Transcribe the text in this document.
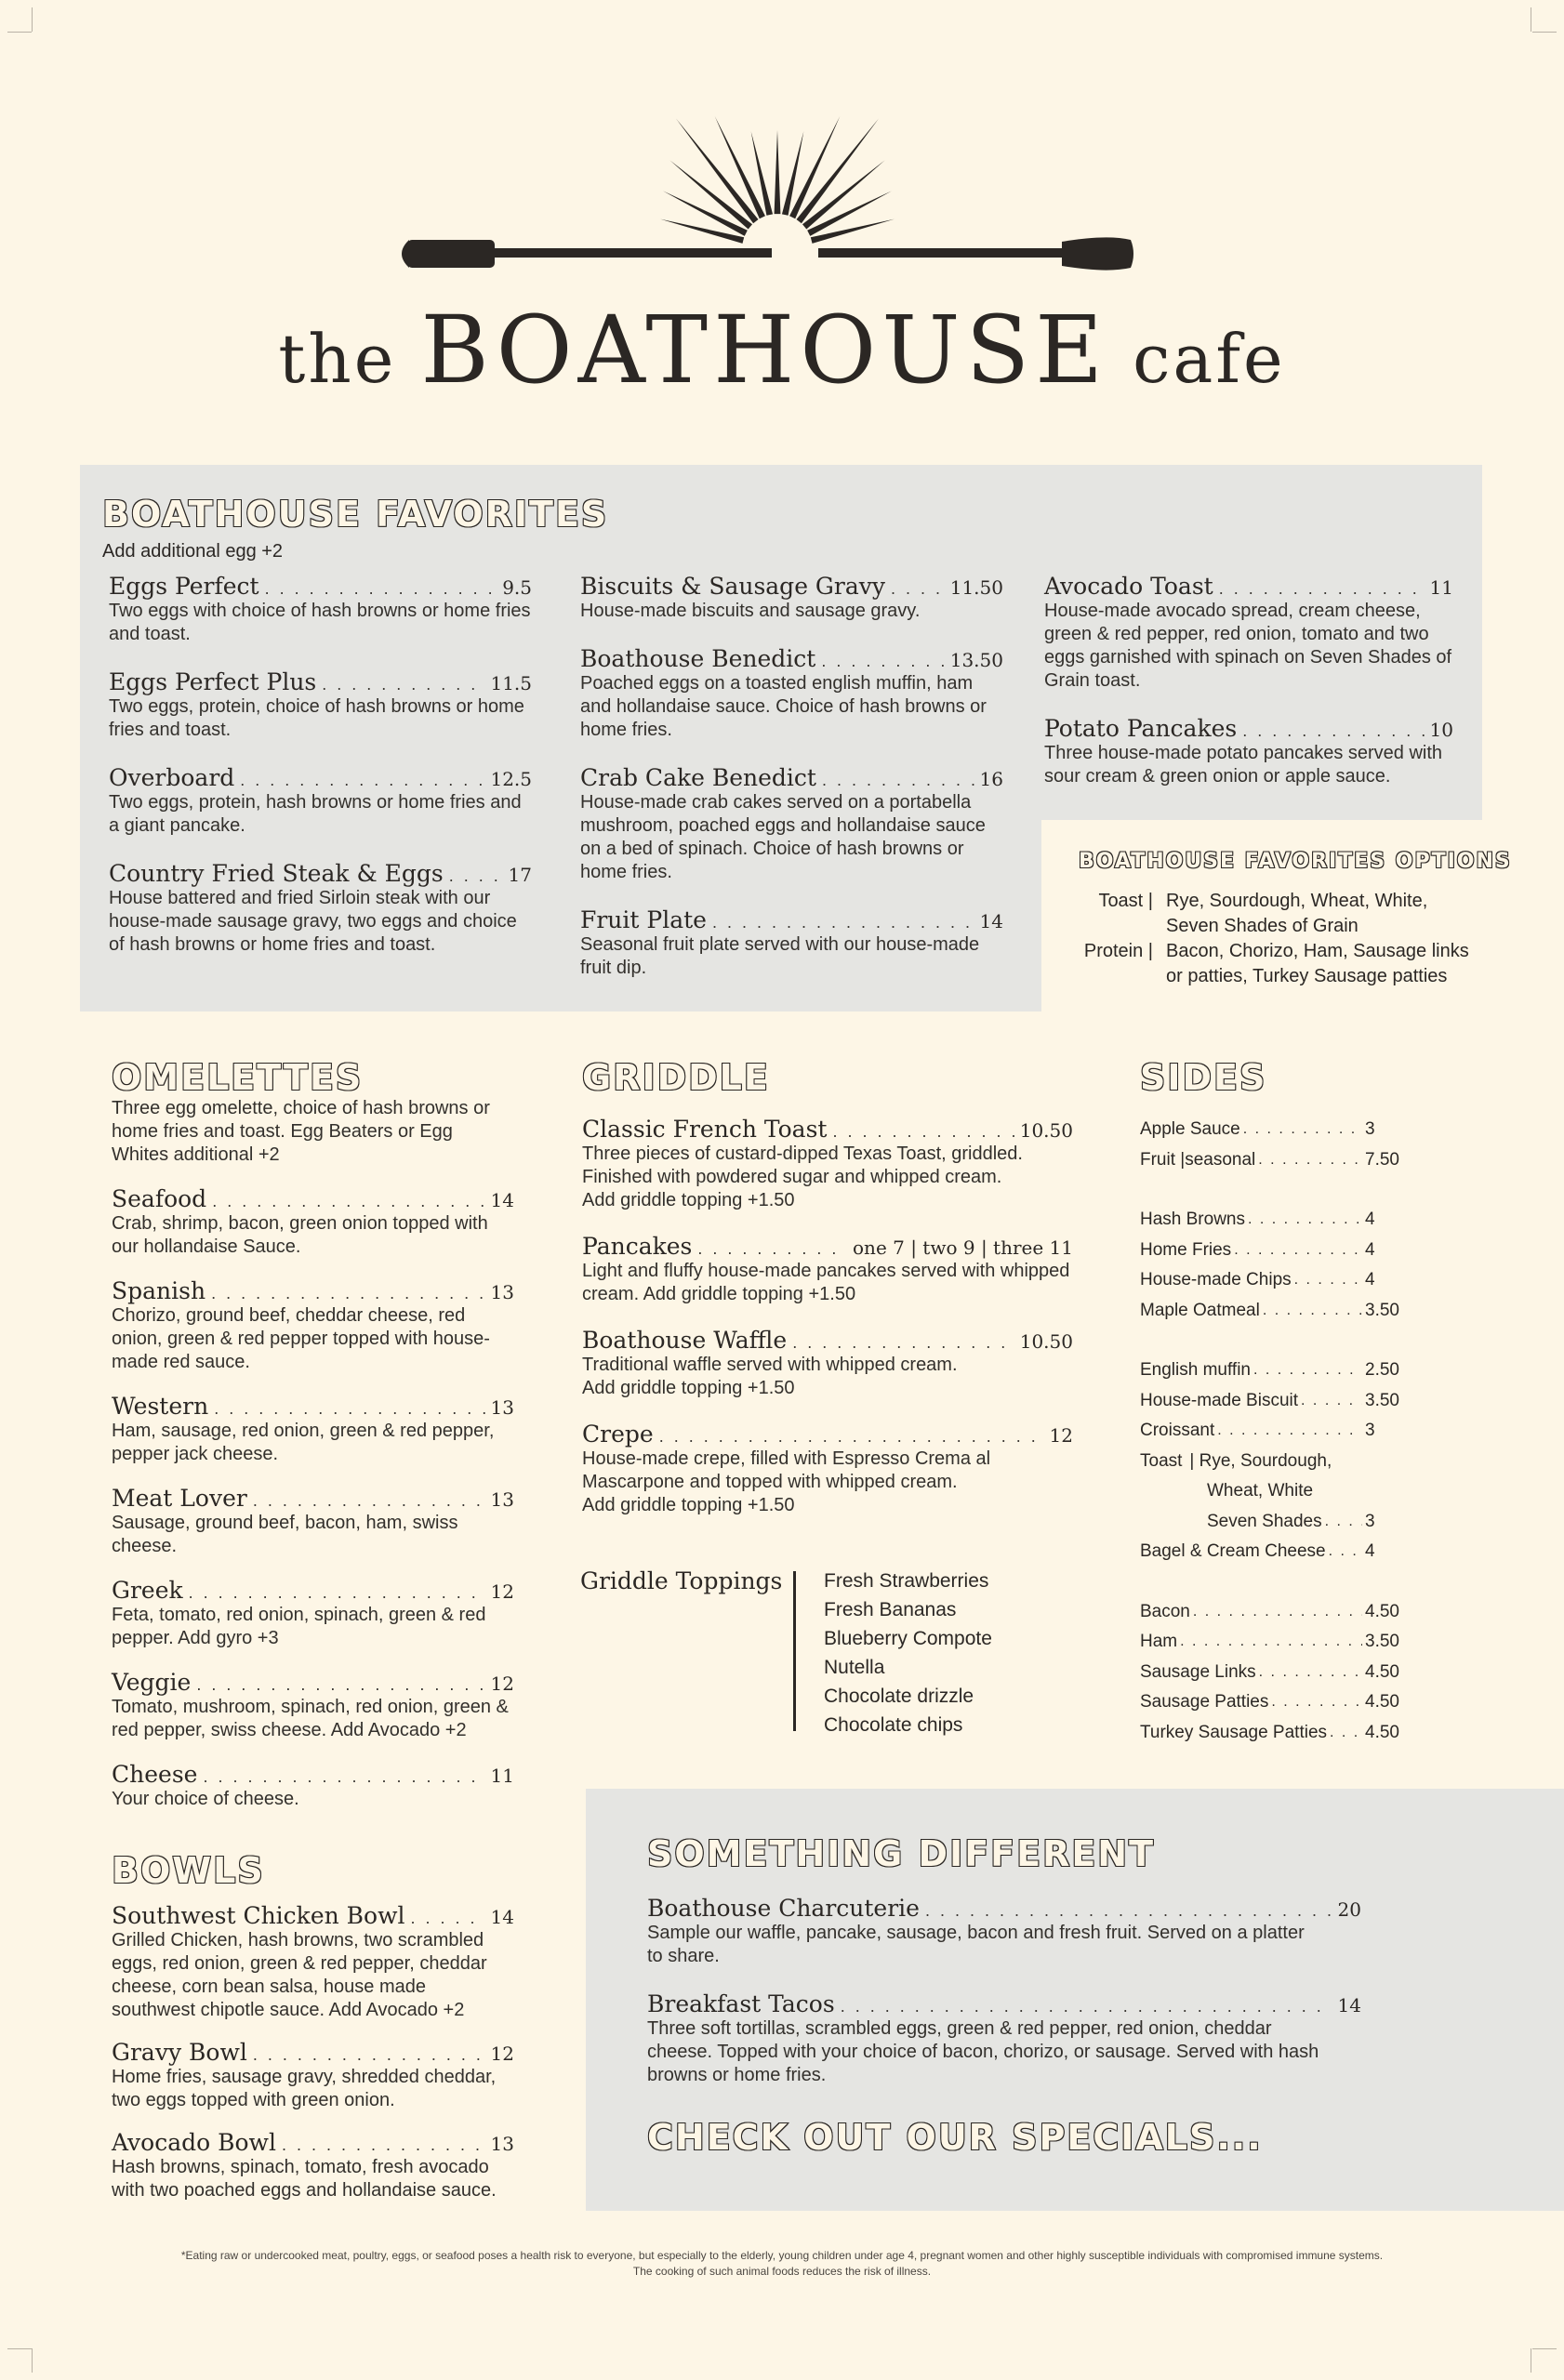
the BOATHOUSE cafe
BOATHOUSE FAVORITES
Add additional egg +2
Eggs Perfect . . .	9.5
Two eggs with choice of hash browns or home fries and toast.
Eggs Perfect Plus . . .	11.5
Two eggs, protein, choice of hash browns or home fries and toast.
Overboard . . .	12.5
Two eggs, protein, hash browns or home fries and a giant pancake.
Country Fried Steak & Eggs . . .	17
House battered and fried Sirloin steak with our house-made sausage gravy, two eggs and choice of hash browns or home fries and toast.
Biscuits & Sausage Gravy . . .	11.50
House-made biscuits and sausage gravy.
Boathouse Benedict . . .	13.50
Poached eggs on a toasted english muffin, ham and hollandaise sauce. Choice of hash browns or home fries.
Crab Cake Benedict . . .	16
House-made crab cakes served on a portabella mushroom, poached eggs and hollandaise sauce on a bed of spinach. Choice of hash browns or home fries.
Fruit Plate . . .	14
Seasonal fruit plate served with our house-made fruit dip.
Avocado Toast . . .	11
House-made avocado spread, cream cheese, green & red pepper, red onion, tomato and two eggs garnished with spinach on Seven Shades of Grain toast.
Potato Pancakes . . .	10
Three house-made potato pancakes served with sour cream & green onion or apple sauce.
BOATHOUSE FAVORITES OPTIONS
Toast | Rye, Sourdough, Wheat, White, Seven Shades of Grain
Protein | Bacon, Chorizo, Ham, Sausage links or patties, Turkey Sausage patties
OMELETTES
Three egg omelette, choice of hash browns or home fries and toast. Egg Beaters or Egg Whites additional +2
Seafood . . .	14
Crab, shrimp, bacon, green onion topped with our hollandaise Sauce.
Spanish . . .	13
Chorizo, ground beef, cheddar cheese, red onion, green & red pepper topped with house-made red sauce.
Western . . .	13
Ham, sausage, red onion, green & red pepper, pepper jack cheese.
Meat Lover . . .	13
Sausage, ground beef, bacon, ham, swiss cheese.
Greek . . .	12
Feta, tomato, red onion, spinach, green & red pepper. Add gyro +3
Veggie . . .	12
Tomato, mushroom, spinach, red onion, green & red pepper, swiss cheese. Add Avocado +2
Cheese . . .	11
Your choice of cheese.
BOWLS
Southwest Chicken Bowl . . .	14
Grilled Chicken, hash browns, two scrambled eggs, red onion, green & red pepper, cheddar cheese, corn bean salsa, house made southwest chipotle sauce. Add Avocado +2
Gravy Bowl . . .	12
Home fries, sausage gravy, shredded cheddar, two eggs topped with green onion.
Avocado Bowl . . .	13
Hash browns, spinach, tomato, fresh avocado with two poached eggs and hollandaise sauce.
GRIDDLE
Classic French Toast . . .	10.50
Three pieces of custard-dipped Texas Toast, griddled. Finished with powdered sugar and whipped cream.
Add griddle topping +1.50
Pancakes . . .	one 7 | two 9 | three 11
Light and fluffy house-made pancakes served with whipped cream. Add griddle topping +1.50
Boathouse Waffle . . .	10.50
Traditional waffle served with whipped cream.
Add griddle topping +1.50
Crepe . . .	12
House-made crepe, filled with Espresso Crema al Mascarpone and topped with whipped cream.
Add griddle topping +1.50
Griddle Toppings Fresh Strawberries
Fresh Bananas
Blueberry Compote
Nutella
Chocolate drizzle
Chocolate chips
SIDES
Apple Sauce . . .	3
Fruit |seasonal . . .	7.50
Hash Browns . . .	4
Home Fries . . .	4
House-made Chips . . .	4
Maple Oatmeal . . .	3.50
English muffin . . .	2.50
House-made Biscuit . . .	3.50
Croissant . . .	3
Toast | Rye, Sourdough,
Wheat, White
Seven Shades . . . 3
Bagel & Cream Cheese . . . 4
Bacon . . .	4.50
Ham . . .	3.50
Sausage Links . . .	4.50
Sausage Patties . . .	4.50
Turkey Sausage Patties . . . 4.50
SOMETHING DIFFERENT
Boathouse Charcuterie . . .	20
Sample our waffle, pancake, sausage, bacon and fresh fruit. Served on a platter to share.
Breakfast Tacos . . .	14
Three soft tortillas, scrambled eggs, green & red pepper, red onion, cheddar cheese. Topped with your choice of bacon, chorizo, or sausage. Served with hash browns or home fries.
CHECK OUT OUR SPECIALS...
*Eating raw or undercooked meat, poultry, eggs, or seafood poses a health risk to everyone, but especially to the elderly, young children under age 4, pregnant women and other highly susceptible individuals with compromised immune systems.
The cooking of such animal foods reduces the risk of illness.
